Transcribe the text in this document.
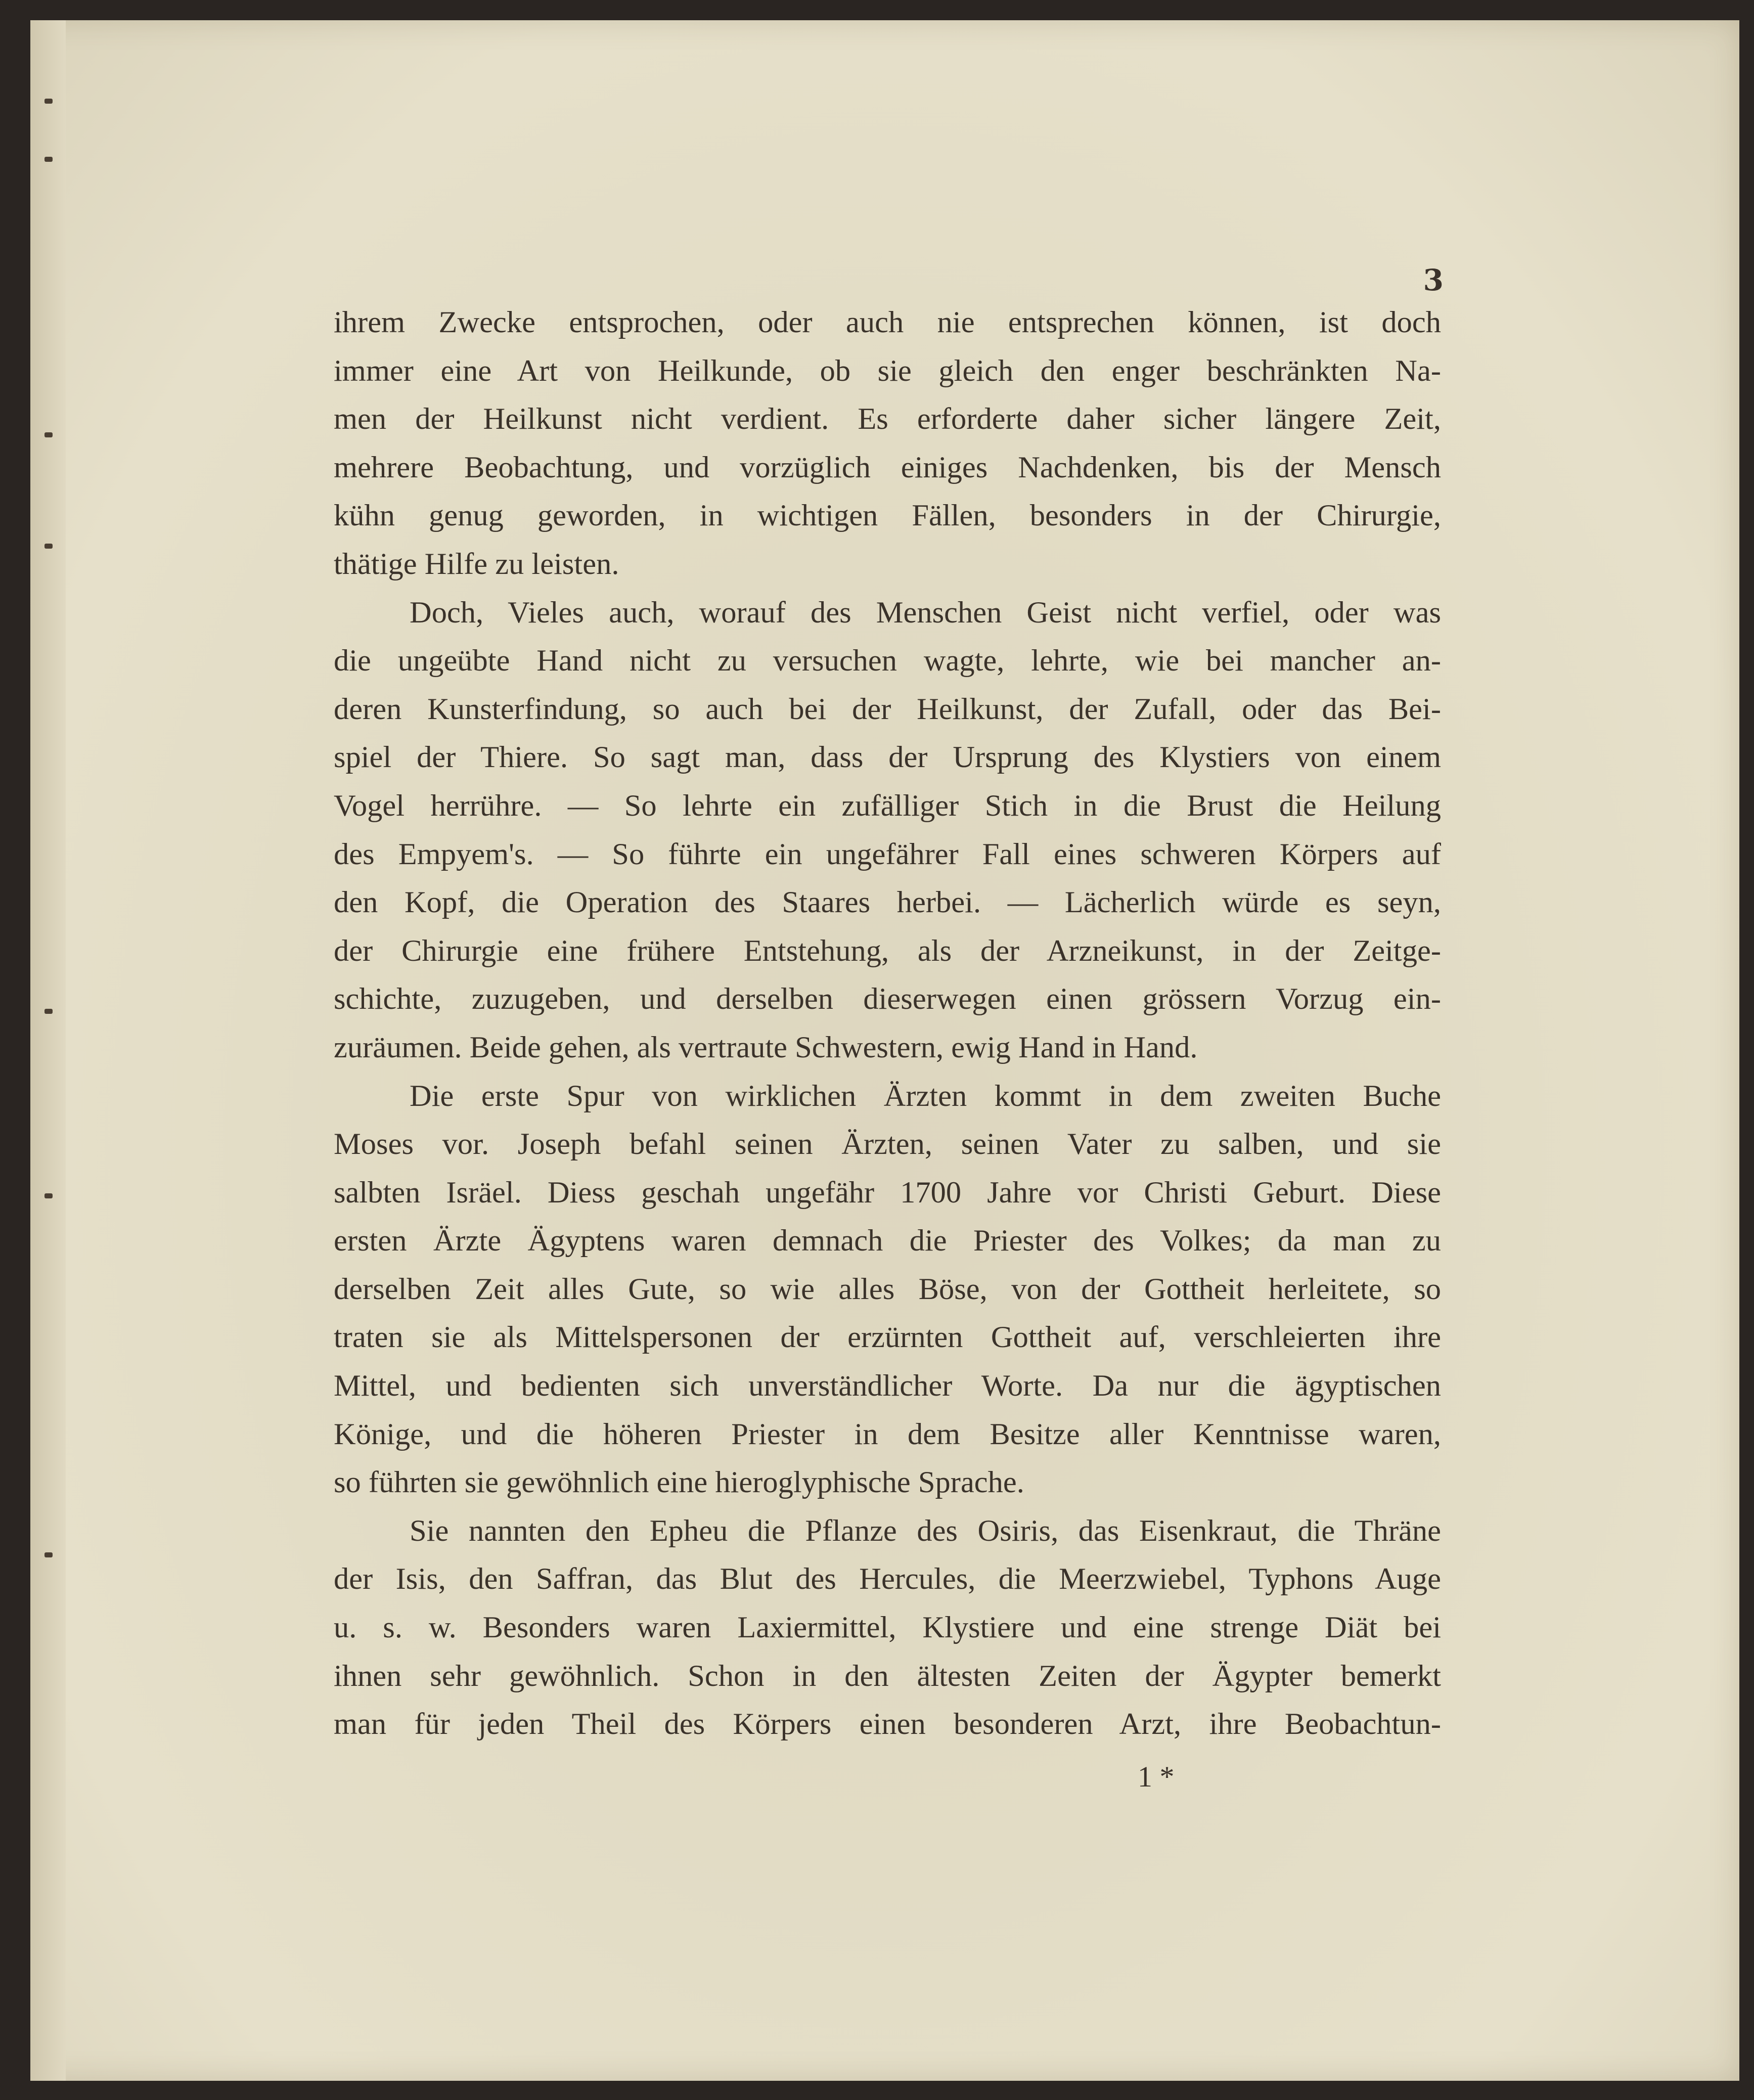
3
ihrem Zwecke entsprochen, oder auch nie entsprechen können, ist doch
immer eine Art von Heilkunde, ob sie gleich den enger beschränkten Na-
men der Heilkunst nicht verdient. Es erforderte daher sicher längere Zeit,
mehrere Beobachtung, und vorzüglich einiges Nachdenken, bis der Mensch
kühn genug geworden, in wichtigen Fällen, besonders in der Chirurgie,
thätige Hilfe zu leisten.
Doch, Vieles auch, worauf des Menschen Geist nicht verfiel, oder was
die ungeübte Hand nicht zu versuchen wagte, lehrte, wie bei mancher an-
deren Kunsterfindung, so auch bei der Heilkunst, der Zufall, oder das Bei-
spiel der Thiere. So sagt man, dass der Ursprung des Klystiers von einem
Vogel herrühre. — So lehrte ein zufälliger Stich in die Brust die Heilung
des Empyem's. — So führte ein ungefährer Fall eines schweren Körpers auf
den Kopf, die Operation des Staares herbei. — Lächerlich würde es seyn,
der Chirurgie eine frühere Entstehung, als der Arzneikunst, in der Zeitge-
schichte, zuzugeben, und derselben dieserwegen einen grössern Vorzug ein-
zuräumen. Beide gehen, als vertraute Schwestern, ewig Hand in Hand.
Die erste Spur von wirklichen Ärzten kommt in dem zweiten Buche
Moses vor. Joseph befahl seinen Ärzten, seinen Vater zu salben, und sie
salbten Isräel. Diess geschah ungefähr 1700 Jahre vor Christi Geburt. Diese
ersten Ärzte Ägyptens waren demnach die Priester des Volkes; da man zu
derselben Zeit alles Gute, so wie alles Böse, von der Gottheit herleitete, so
traten sie als Mittelspersonen der erzürnten Gottheit auf, verschleierten ihre
Mittel, und bedienten sich unverständlicher Worte. Da nur die ägyptischen
Könige, und die höheren Priester in dem Besitze aller Kenntnisse waren,
so führten sie gewöhnlich eine hieroglyphische Sprache.
Sie nannten den Epheu die Pflanze des Osiris, das Eisenkraut, die Thräne
der Isis, den Saffran, das Blut des Hercules, die Meerzwiebel, Typhons Auge
u. s. w. Besonders waren Laxiermittel, Klystiere und eine strenge Diät bei
ihnen sehr gewöhnlich. Schon in den ältesten Zeiten der Ägypter bemerkt
man für jeden Theil des Körpers einen besonderen Arzt, ihre Beobachtun-
1 *
